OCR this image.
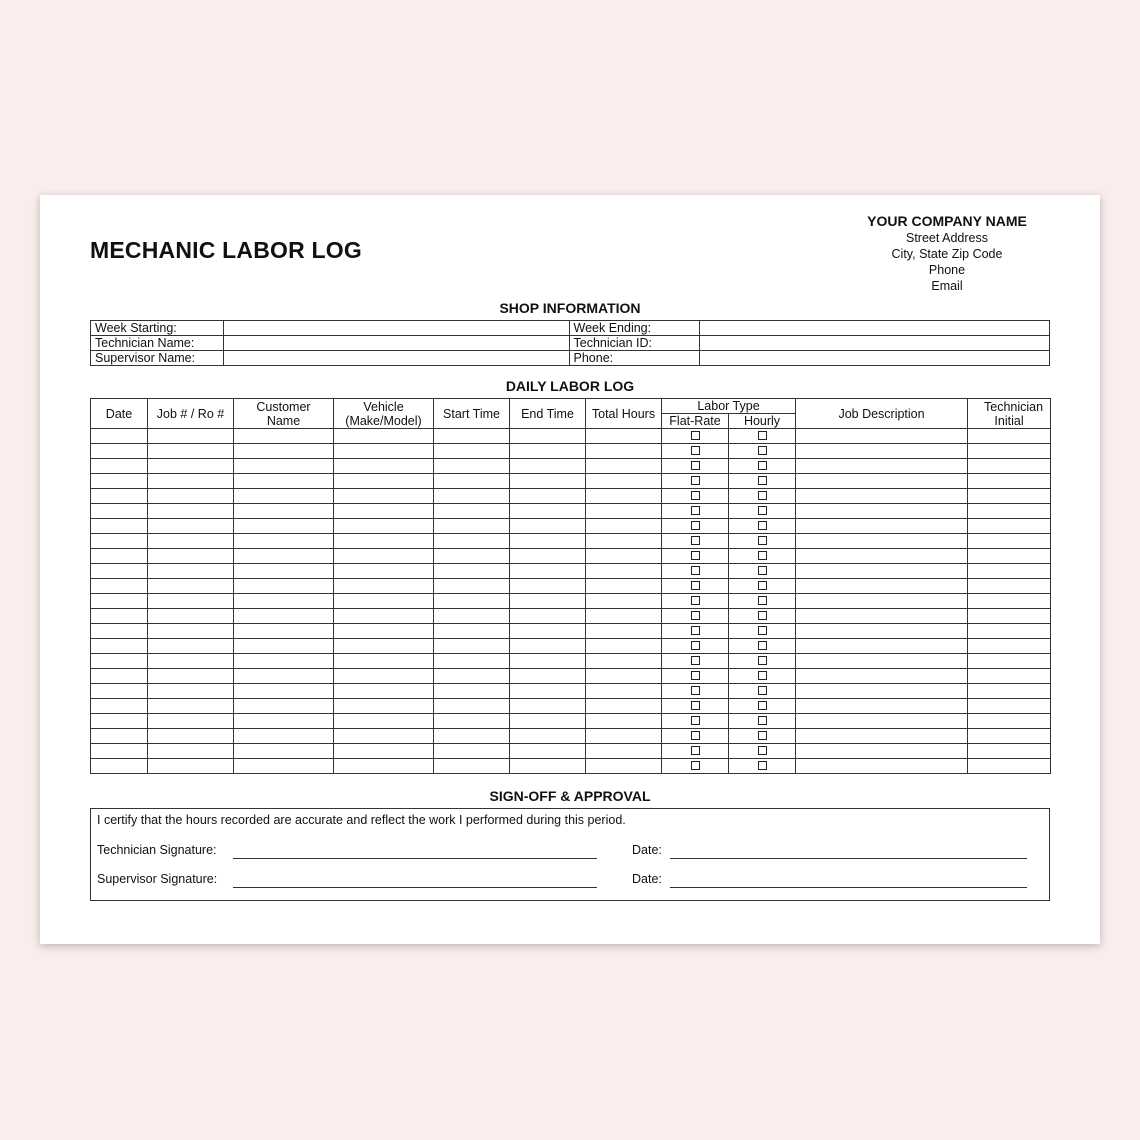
MECHANIC LABOR LOG
YOUR COMPANY NAME
Street Address
City, State Zip Code
Phone
Email
SHOP INFORMATION
Week Starting:		Week Ending:	
Technician Name:		Technician ID:	
Supervisor Name:		Phone:	
DAILY LABOR LOG
Date	Job # / Ro #	Customer Name	Vehicle (Make/Model)	Start Time	End Time	Total Hours	Labor Type		Job Description	Technician Initial
							Flat-Rate	Hourly		

SIGN-OFF & APPROVAL
I certify that the hours recorded are accurate and reflect the work I performed during this period.
Technician Signature:	Date:
Supervisor Signature:	Date:
